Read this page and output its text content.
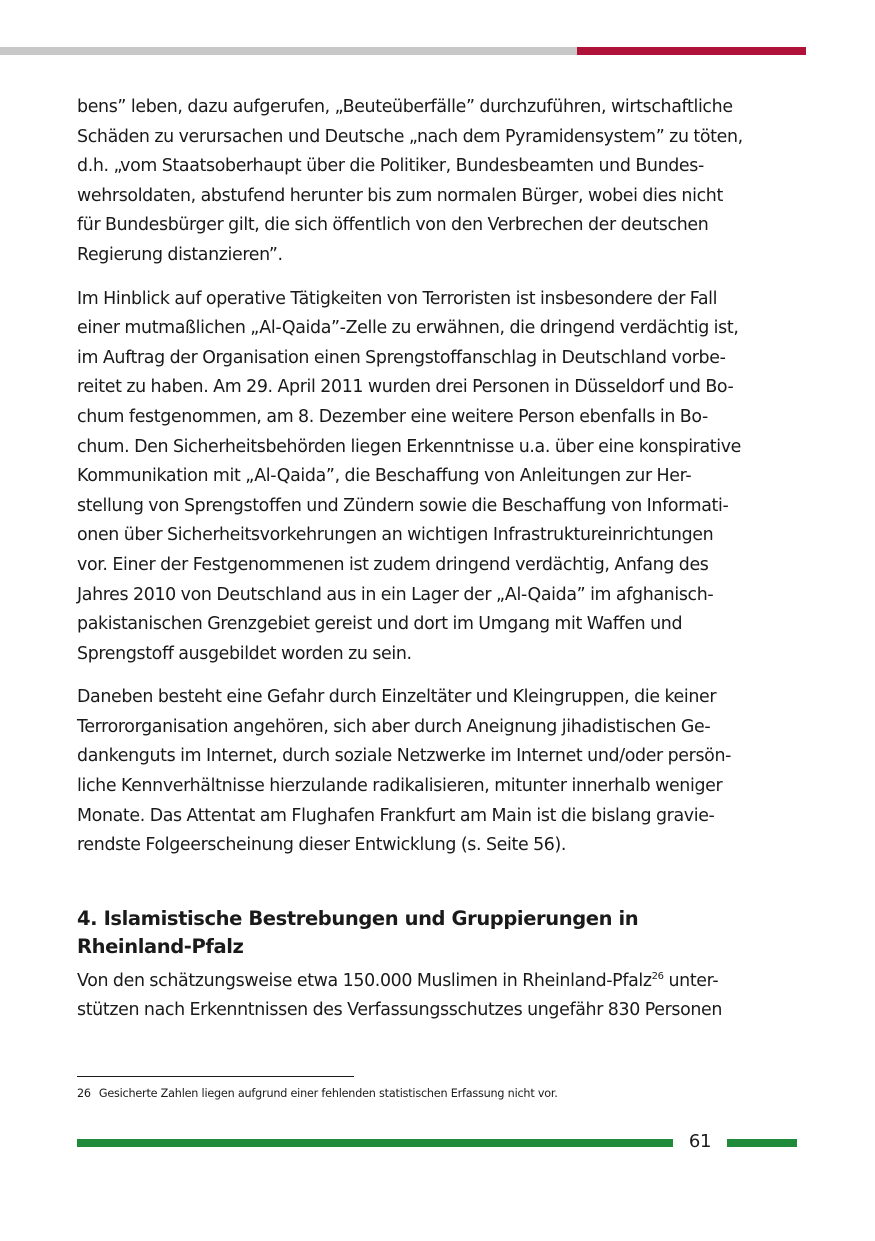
bens” leben, dazu aufgerufen, „Beuteüberfälle” durchzuführen, wirtschaftliche
Schäden zu verursachen und Deutsche „nach dem Pyramidensystem” zu töten,
d.h. „vom Staatsoberhaupt über die Politiker, Bundesbeamten und Bundes-
wehrsoldaten, abstufend herunter bis zum normalen Bürger, wobei dies nicht
für Bundesbürger gilt, die sich öffentlich von den Verbrechen der deutschen
Regierung distanzieren”.

Im Hinblick auf operative Tätigkeiten von Terroristen ist insbesondere der Fall
einer mutmaßlichen „Al-Qaida”-Zelle zu erwähnen, die dringend verdächtig ist,
im Auftrag der Organisation einen Sprengstoffanschlag in Deutschland vorbe-
reitet zu haben. Am 29. April 2011 wurden drei Personen in Düsseldorf und Bo-
chum festgenommen, am 8. Dezember eine weitere Person ebenfalls in Bo-
chum. Den Sicherheitsbehörden liegen Erkenntnisse u.a. über eine konspirative
Kommunikation mit „Al-Qaida”, die Beschaffung von Anleitungen zur Her-
stellung von Sprengstoffen und Zündern sowie die Beschaffung von Informati-
onen über Sicherheitsvorkehrungen an wichtigen Infrastruktureinrichtungen
vor. Einer der Festgenommenen ist zudem dringend verdächtig, Anfang des
Jahres 2010 von Deutschland aus in ein Lager der „Al-Qaida” im afghanisch-
pakistanischen Grenzgebiet gereist und dort im Umgang mit Waffen und
Sprengstoff ausgebildet worden zu sein.

Daneben besteht eine Gefahr durch Einzeltäter und Kleingruppen, die keiner
Terrororganisation angehören, sich aber durch Aneignung jihadistischen Ge-
dankenguts im Internet, durch soziale Netzwerke im Internet und/oder persön-
liche Kennverhältnisse hierzulande radikalisieren, mitunter innerhalb weniger
Monate. Das Attentat am Flughafen Frankfurt am Main ist die bislang gravie-
rendste Folgeerscheinung dieser Entwicklung (s. Seite 56).

4. Islamistische Bestrebungen und Gruppierungen in
Rheinland-Pfalz

Von den schätzungsweise etwa 150.000 Muslimen in Rheinland-Pfalz$^{26}$ unter-
stützen nach Erkenntnissen des Verfassungsschutzes ungefähr 830 Personen

26 Gesicherte Zahlen liegen aufgrund einer fehlenden statistischen Erfassung nicht vor.
61
